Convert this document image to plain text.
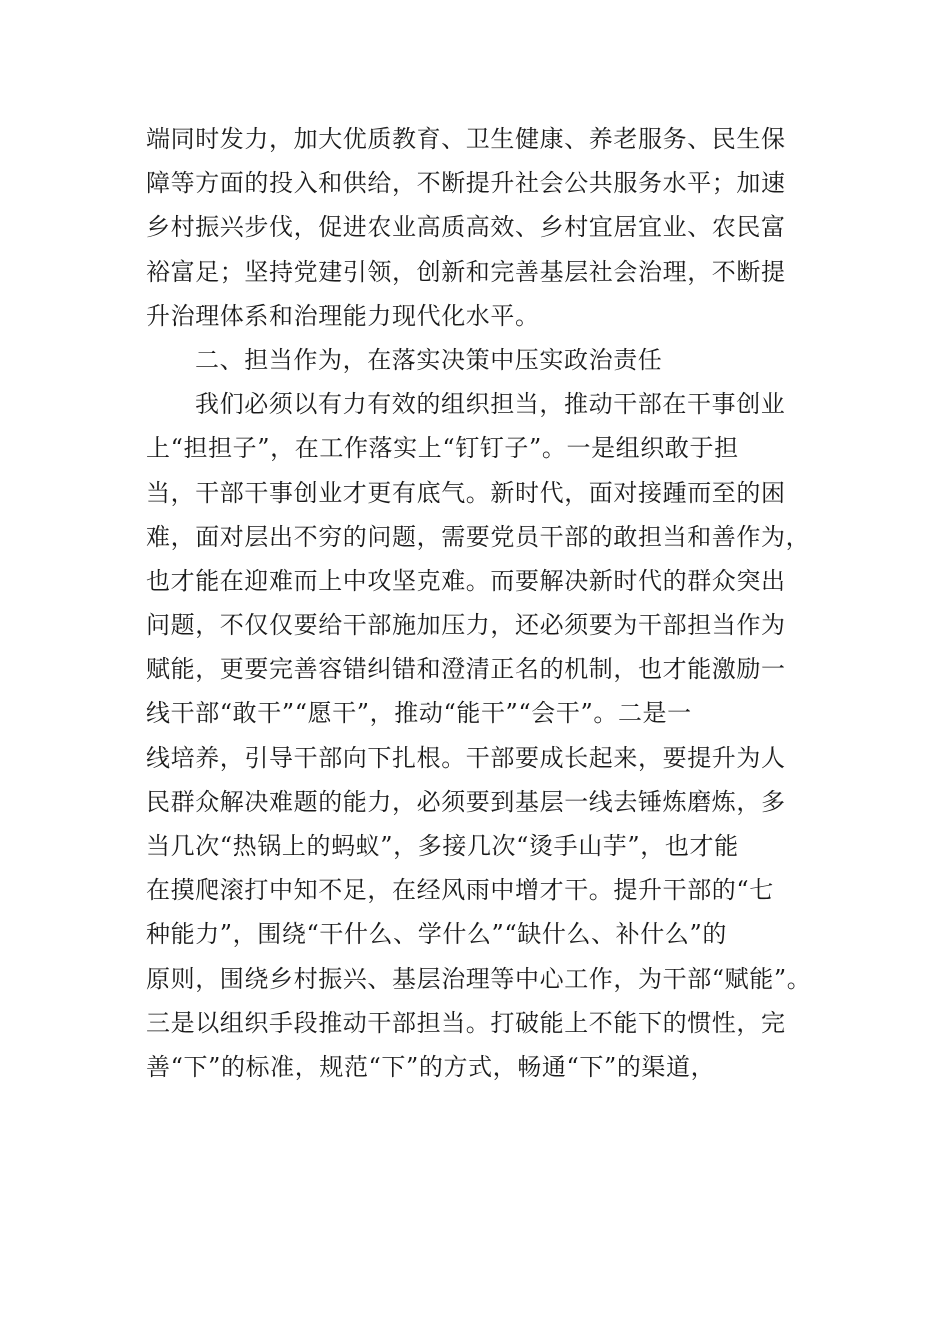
端同时发力，加大优质教育、卫生健康、养老服务、民生保
障等方面的投入和供给，不断提升社会公共服务水平；加速
乡村振兴步伐，促进农业高质高效、乡村宜居宜业、农民富
裕富足；坚持党建引领，创新和完善基层社会治理，不断提
升治理体系和治理能力现代化水平。
二、担当作为，在落实决策中压实政治责任
我们必须以有力有效的组织担当，推动干部在干事创业
上“担担子”，在工作落实上“钉钉子”。一是组织敢于担
当，干部干事创业才更有底气。新时代，面对接踵而至的困
难，面对层出不穷的问题，需要党员干部的敢担当和善作为，
也才能在迎难而上中攻坚克难。而要解决新时代的群众突出
问题，不仅仅要给干部施加压力，还必须要为干部担当作为
赋能，更要完善容错纠错和澄清正名的机制，也才能激励一
线干部“敢干”“愿干”，推动“能干”“会干”。二是一
线培养，引导干部向下扎根。干部要成长起来，要提升为人
民群众解决难题的能力，必须要到基层一线去锤炼磨炼，多
当几次“热锅上的蚂蚁”，多接几次“烫手山芋”，也才能
在摸爬滚打中知不足，在经风雨中增才干。提升干部的“七
种能力”，围绕“干什么、学什么”“缺什么、补什么”的
原则，围绕乡村振兴、基层治理等中心工作，为干部“赋能”。
三是以组织手段推动干部担当。打破能上不能下的惯性，完
善“下”的标准，规范“下”的方式，畅通“下”的渠道，
